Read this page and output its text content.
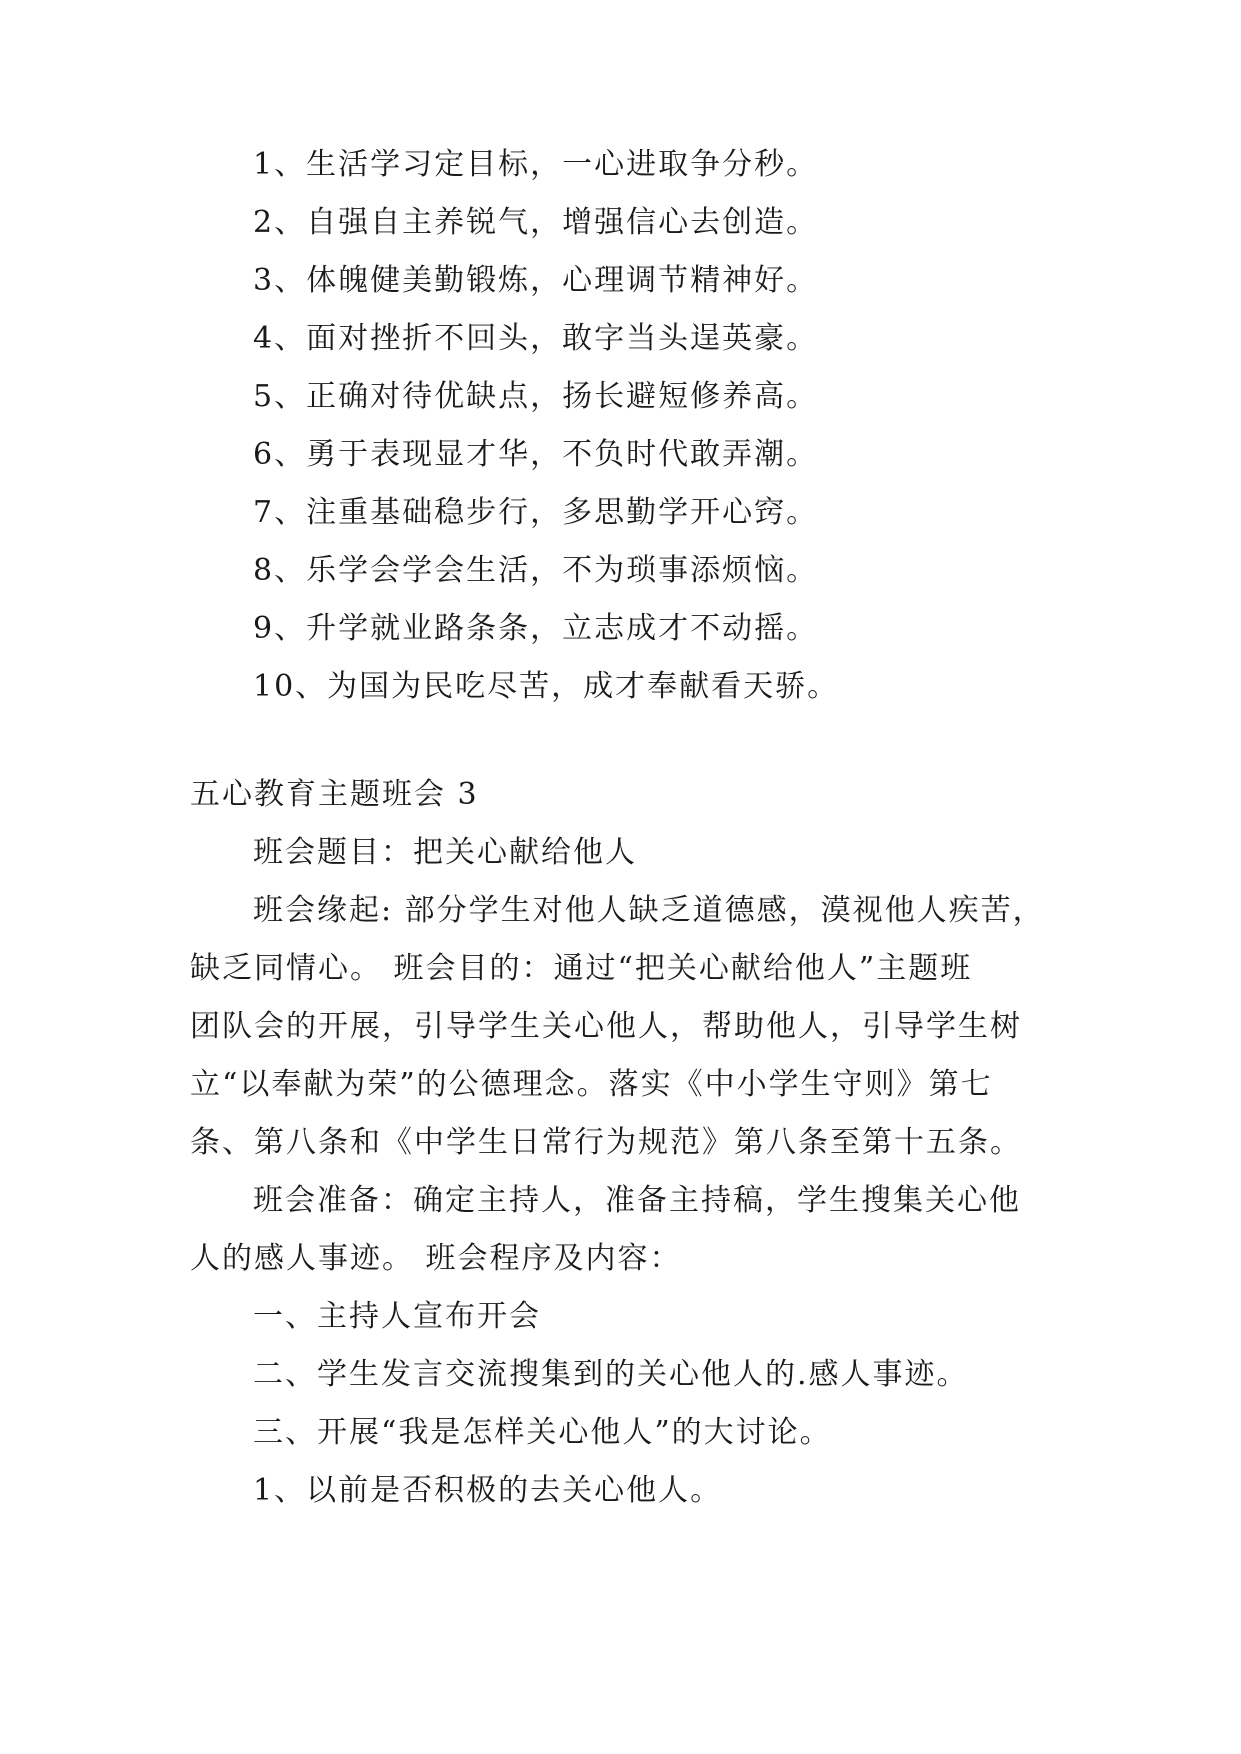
1、生活学习定目标，一心进取争分秒。
2、自强自主养锐气，增强信心去创造。
3、体魄健美勤锻炼，心理调节精神好。
4、面对挫折不回头，敢字当头逞英豪。
5、正确对待优缺点，扬长避短修养高。
6、勇于表现显才华，不负时代敢弄潮。
7、注重基础稳步行，多思勤学开心窍。
8、乐学会学会生活，不为琐事添烦恼。
9、升学就业路条条，立志成才不动摇。
10、为国为民吃尽苦，成才奉献看天骄。
五心教育主题班会 3
班会题目：把关心献给他人
班会缘起: 部分学生对他人缺乏道德感，漠视他人疾苦，
缺乏同情心。 班会目的：通过“把关心献给他人”主题班
团队会的开展，引导学生关心他人，帮助他人，引导学生树
立“以奉献为荣”的公德理念。落实《中小学生守则》第七
条、第八条和《中学生日常行为规范》第八条至第十五条。
班会准备：确定主持人，准备主持稿，学生搜集关心他
人的感人事迹。 班会程序及内容：
一、主持人宣布开会
二、学生发言交流搜集到的关心他人的.感人事迹。
三、开展“我是怎样关心他人”的大讨论。
1、以前是否积极的去关心他人。
